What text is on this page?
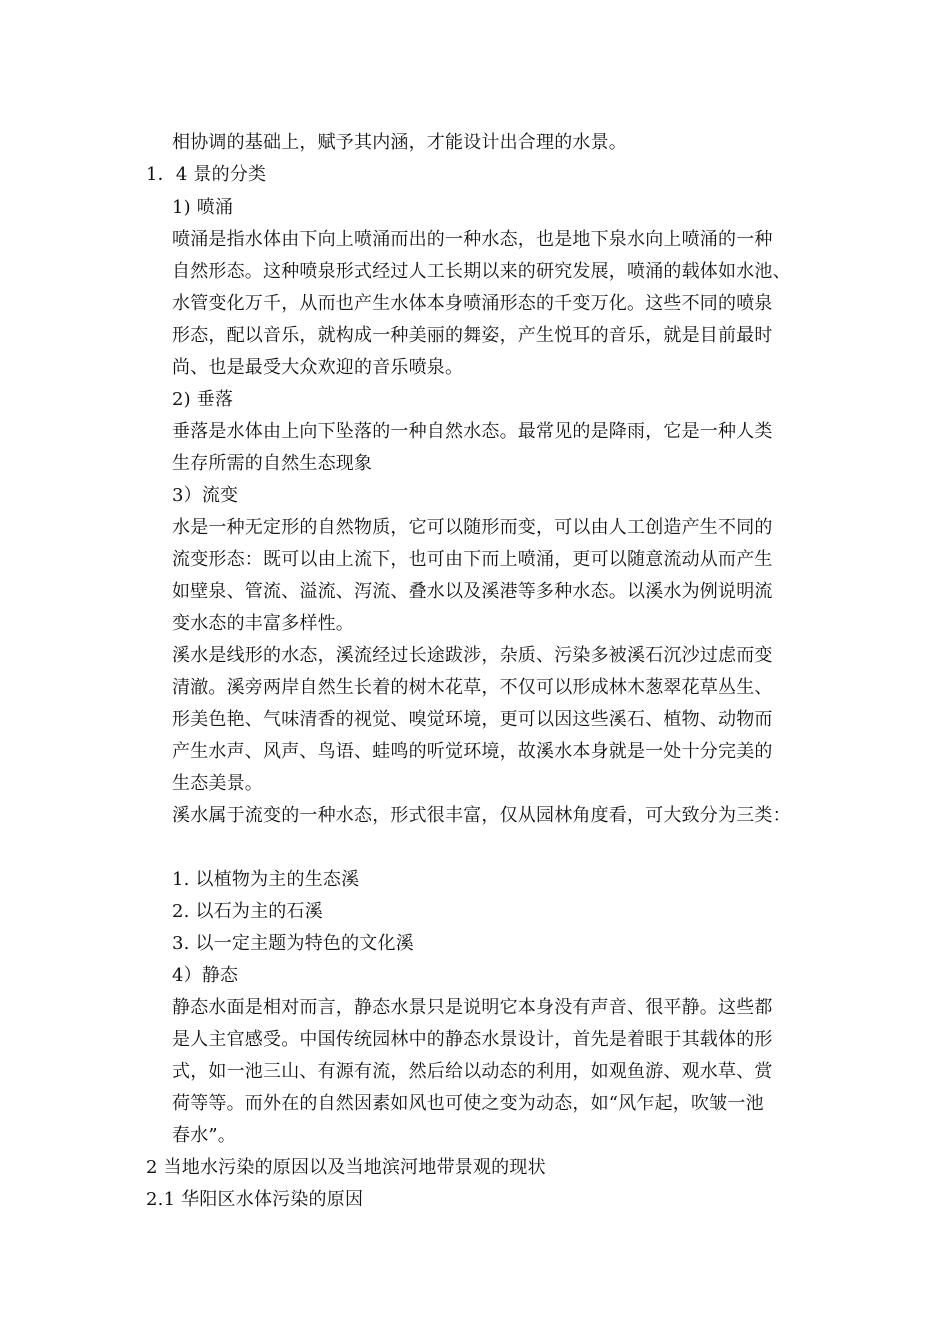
相协调的基础上，赋予其内涵，才能设计出合理的水景。
1．4 景的分类
1) 喷涌
喷涌是指水体由下向上喷涌而出的一种水态，也是地下泉水向上喷涌的一种
自然形态。这种喷泉形式经过人工长期以来的研究发展，喷涌的载体如水池、
水管变化万千，从而也产生水体本身喷涌形态的千变万化。这些不同的喷泉
形态，配以音乐，就构成一种美丽的舞姿，产生悦耳的音乐，就是目前最时
尚、也是最受大众欢迎的音乐喷泉。
2) 垂落
垂落是水体由上向下坠落的一种自然水态。最常见的是降雨，它是一种人类
生存所需的自然生态现象
3）流变
水是一种无定形的自然物质，它可以随形而变，可以由人工创造产生不同的
流变形态：既可以由上流下，也可由下而上喷涌，更可以随意流动从而产生
如壁泉、管流、溢流、泻流、叠水以及溪港等多种水态。以溪水为例说明流
变水态的丰富多样性。
溪水是线形的水态，溪流经过长途跋涉，杂质、污染多被溪石沉沙过虑而变
清澈。溪旁两岸自然生长着的树木花草，不仅可以形成林木葱翠花草丛生、
形美色艳、气味清香的视觉、嗅觉环境，更可以因这些溪石、植物、动物而
产生水声、风声、鸟语、蛙鸣的听觉环境，故溪水本身就是一处十分完美的
生态美景。
溪水属于流变的一种水态，形式很丰富，仅从园林角度看，可大致分为三类：
1. 以植物为主的生态溪
2. 以石为主的石溪
3. 以一定主题为特色的文化溪
4）静态
静态水面是相对而言，静态水景只是说明它本身没有声音、很平静。这些都
是人主官感受。中国传统园林中的静态水景设计，首先是着眼于其载体的形
式，如一池三山、有源有流，然后给以动态的利用，如观鱼游、观水草、赏
荷等等。而外在的自然因素如风也可使之变为动态，如“风乍起，吹皱一池
春水”。
2 当地水污染的原因以及当地滨河地带景观的现状
2.1 华阳区水体污染的原因
